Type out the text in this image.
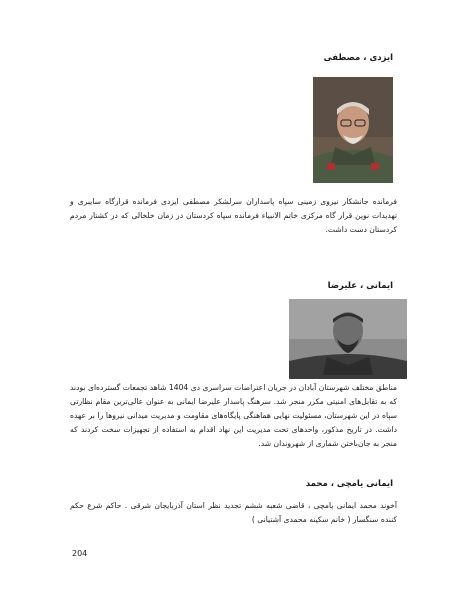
ایزدی ، مصطفی
فرمانده جانشکار نیروی زمینی سپاه پاسداران سرلشکر مصطفی ایزدی فرمانده قرارگاه سایبری و تهدیدات نوین قرار گاه مرکزی خاتم الانبیاء فرمانده سپاه کردستان در زمان خلخالی که در کشتار مردم کردستان دست داشت.
ایمانی ، علیرضا
مناطق مختلف شهرستان آبادان در جریان اعتراضات سراسری دی 1404 شاهد تجمعات گسترده‌ای بودند که به تقابل‌های امنیتی مکرر منجر شد. سرهنگ پاسدار علیرضا ایمانی به عنوان عالی‌ترین مقام نظارتی سپاه در این شهرستان، مسئولیت نهایی هماهنگی پایگاه‌های مقاومت و مدیریت میدانی نیروها را بر عهده داشت. در تاریخ مذکور، واحدهای تحت مدیریت این نهاد اقدام به استفاده از تجهیزات سخت کردند که منجر به جان‌باختن شماری از شهروندان شد.
ایمانی یامچی ، محمد
آخوند محمد ایمانی یامچی ، قاضی شعبه ششم تجدید نظر استان آذربایجان شرقی . حاکم شرع حکم کننده سنگسار ( خانم سکینه محمدی آشتیانی )
204
